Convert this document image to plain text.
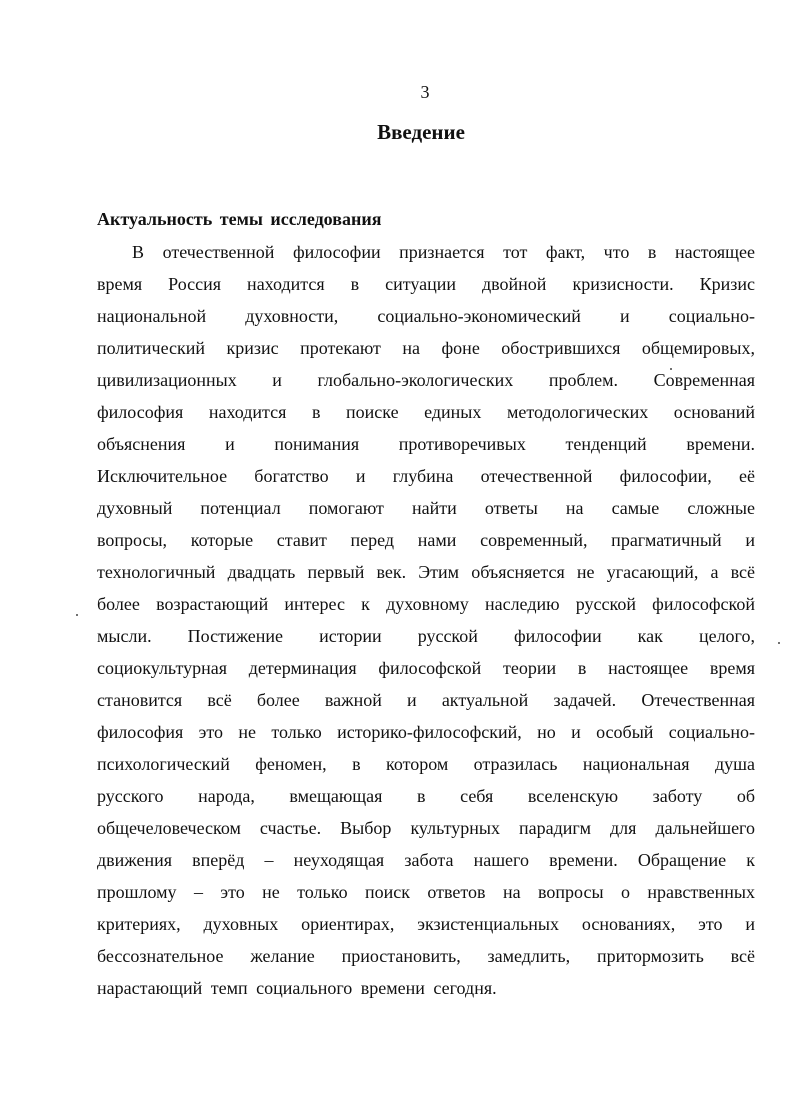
3
Введение
Актуальность темы исследования
В отечественной философии признается тот факт, что в настоящее
время Россия находится в ситуации двойной кризисности. Кризис
национальной духовности, социально-экономический и социально-
политический кризис протекают на фоне обострившихся общемировых,
цивилизационных и глобально-экологических проблем. Современная
философия находится в поиске единых методологических оснований
объяснения и понимания противоречивых тенденций времени.
Исключительное богатство и глубина отечественной философии, её
духовный потенциал помогают найти ответы на самые сложные
вопросы, которые ставит перед нами современный, прагматичный и
технологичный двадцать первый век. Этим объясняется не угасающий, а всё
более возрастающий интерес к духовному наследию русской философской
мысли. Постижение истории русской философии как целого,
социокультурная детерминация философской теории в настоящее время
становится всё более важной и актуальной задачей. Отечественная
философия это не только историко-философский, но и особый социально-
психологический феномен, в котором отразилась национальная душа
русского народа, вмещающая в себя вселенскую заботу об
общечеловеческом счастье. Выбор культурных парадигм для дальнейшего
движения вперёд – неуходящая забота нашего времени. Обращение к
прошлому – это не только поиск ответов на вопросы о нравственных
критериях, духовных ориентирах, экзистенциальных основаниях, это и
бессознательное желание приостановить, замедлить, притормозить всё
нарастающий темп социального времени сегодня.
